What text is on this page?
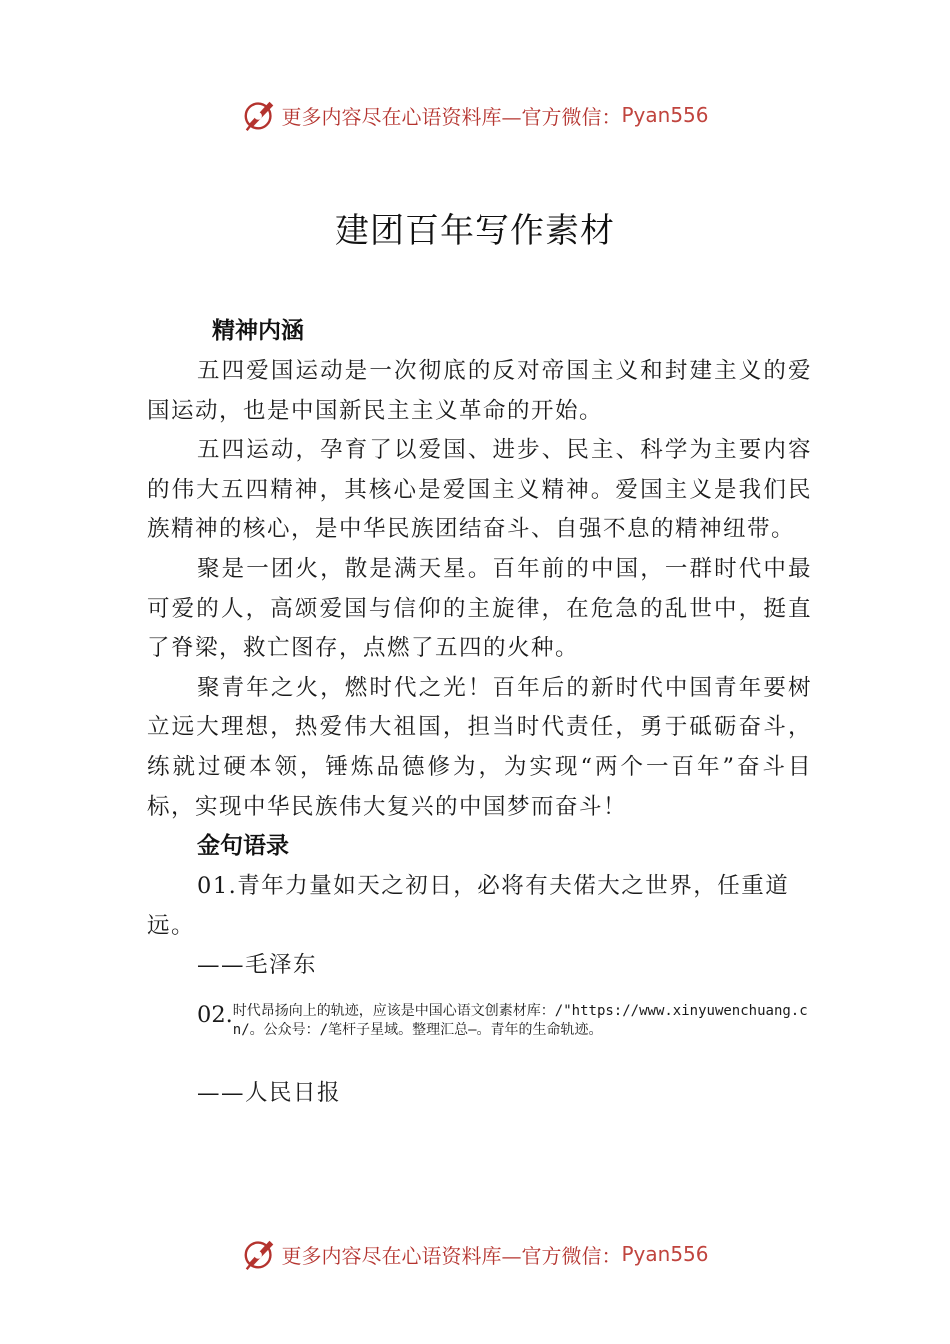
更多内容尽在心语资料库—官方微信： Pyan556
建团百年写作素材
精神内涵

五四爱国运动是一次彻底的反对帝国主义和封建主义的爱国运动，也是中国新民主主义革命的开始。

五四运动，孕育了以爱国、进步、民主、科学为主要内容的伟大五四精神，其核心是爱国主义精神。爱国主义是我们民族精神的核心，是中华民族团结奋斗、自强不息的精神纽带。

聚是一团火，散是满天星。百年前的中国，一群时代中最可爱的人，高颂爱国与信仰的主旋律，在危急的乱世中，挺直了脊梁，救亡图存，点燃了五四的火种。

聚青年之火，燃时代之光！百年后的新时代中国青年要树立远大理想，热爱伟大祖国，担当时代责任，勇于砥砺奋斗，练就过硬本领，锤炼品德修为，为实现“两个一百年”奋斗目标，实现中华民族伟大复兴的中国梦而奋斗！

金句语录

01.青年力量如天之初日，必将有夫偌大之世界，任重道远。

——毛泽东

02. 时代昂扬向上的轨迹，应该是中国心语文创素材库：/"https://www.xinyuwenchuang.cn/。公众号：/笔杆子星域。整理汇总—。青年的生命轨迹。

——人民日报

更多内容尽在心语资料库—官方微信： Pyan556
